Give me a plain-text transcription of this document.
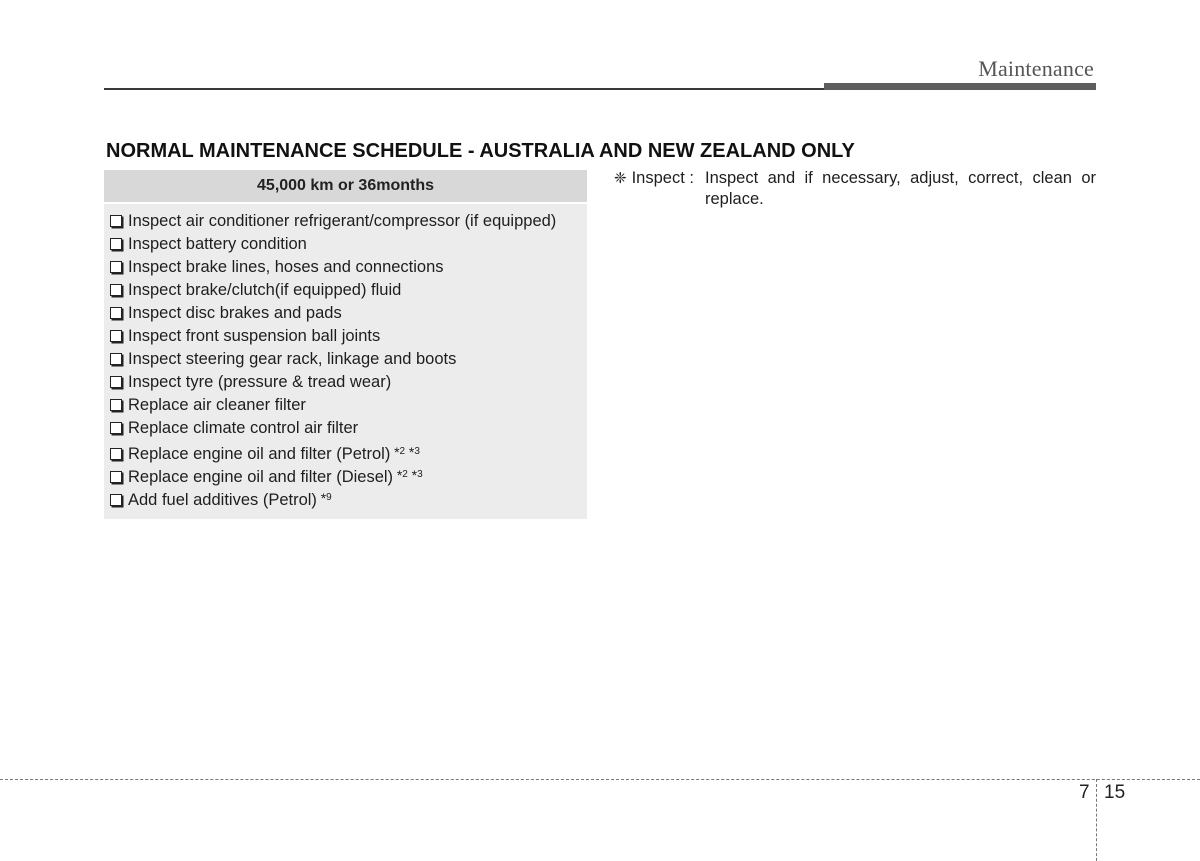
Maintenance
NORMAL MAINTENANCE SCHEDULE - AUSTRALIA AND NEW ZEALAND ONLY
45,000 km or 36months
Inspect air conditioner refrigerant/compressor (if equipped)
Inspect battery condition
Inspect brake lines, hoses and connections
Inspect brake/clutch(if equipped) fluid
Inspect disc brakes and pads
Inspect front suspension ball joints
Inspect steering gear rack, linkage and boots
Inspect tyre (pressure & tread wear)
Replace air cleaner filter
Replace climate control air filter
Replace engine oil and filter (Petrol) $^{*2}$ $^{*3}$
Replace engine oil and filter (Diesel) $^{*2}$ $^{*3}$
Add fuel additives (Petrol) $^{*9}$
❈ Inspect : Inspect and if necessary, adjust, correct, clean or replace.
7 15
